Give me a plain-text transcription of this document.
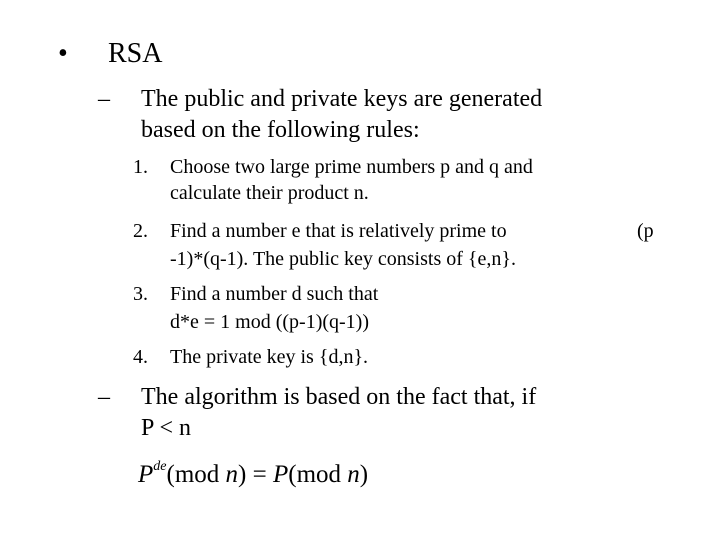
• RSA
– The public and private keys are generated
based on the following rules:
1. Choose two large prime numbers p and q and
calculate their product n.
2. Find a number e that is relatively prime to	(p
-1)*(q-1). The public key consists of {e,n}.
3. Find a number d such that
d*e = 1 mod ((p-1)(q-1))
4. The private key is {d,n}.
– The algorithm is based on the fact that, if
P < n
$P^{de}(mod$ n) = P(mod n)
